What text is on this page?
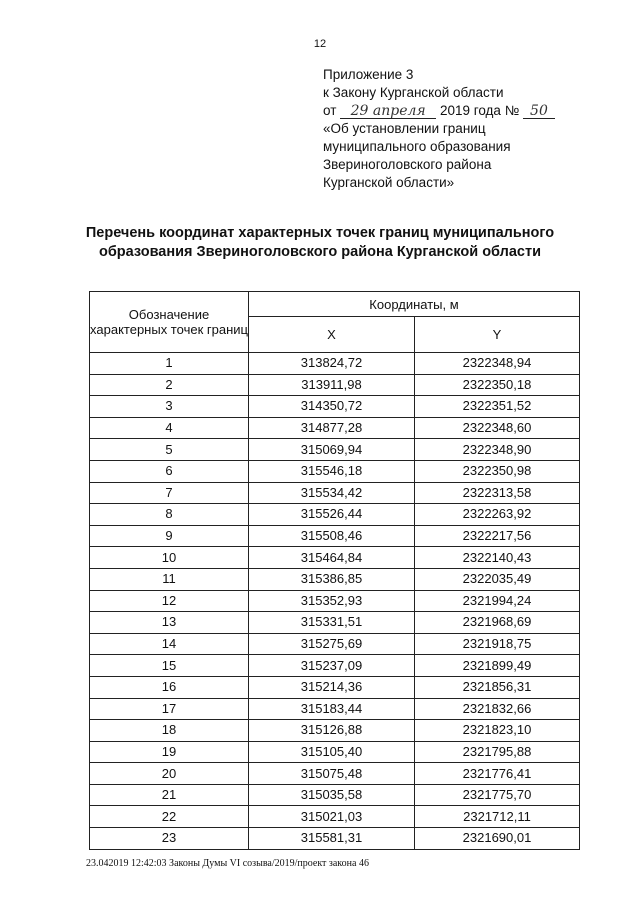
12
Приложение 3
к Закону Курганской области
от 29 апреля 2019 года № 50
«Об установлении границ
муниципального образования
Звериноголовского района
Курганской области»
Перечень координат характерных точек границ муниципального
образования Звериноголовского района Курганской области
Обозначение характерных точек границ	Координаты, м	
	X	Y
1	313824,72	2322348,94
2	313911,98	2322350,18
3	314350,72	2322351,52
4	314877,28	2322348,60
5	315069,94	2322348,90
6	315546,18	2322350,98
7	315534,42	2322313,58
8	315526,44	2322263,92
9	315508,46	2322217,56
10	315464,84	2322140,43
11	315386,85	2322035,49
12	315352,93	2321994,24
13	315331,51	2321968,69
14	315275,69	2321918,75
15	315237,09	2321899,49
16	315214,36	2321856,31
17	315183,44	2321832,66
18	315126,88	2321823,10
19	315105,40	2321795,88
20	315075,48	2321776,41
21	315035,58	2321775,70
22	315021,03	2321712,11
23	315581,31	2321690,01
23.042019 12:42:03 Законы Думы VI созыва/2019/проект закона 46
